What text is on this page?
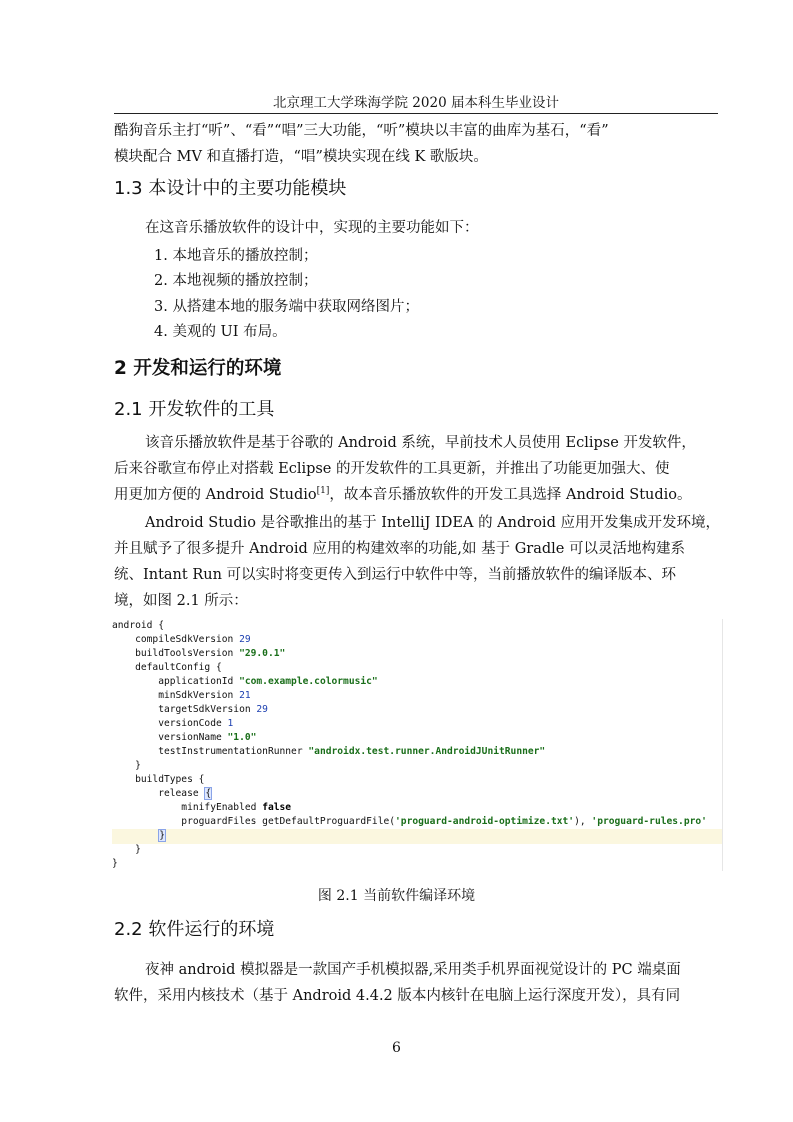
北京理工大学珠海学院 2020 届本科生毕业设计
酷狗音乐主打“听”、“看”“唱”三大功能，“听”模块以丰富的曲库为基石，“看”
模块配合 MV 和直播打造，“唱”模块实现在线 K 歌版块。
1.3 本设计中的主要功能模块
在这音乐播放软件的设计中，实现的主要功能如下：
1. 本地音乐的播放控制；
2. 本地视频的播放控制；
3. 从搭建本地的服务端中获取网络图片；
4. 美观的 UI 布局。
2 开发和运行的环境
2.1 开发软件的工具
该音乐播放软件是基于谷歌的 Android 系统，早前技术人员使用 Eclipse 开发软件，
后来谷歌宣布停止对搭载 Eclipse 的开发软件的工具更新，并推出了功能更加强大、使
用更加方便的 Android Studio[1]，故本音乐播放软件的开发工具选择 Android Studio。
Android Studio 是谷歌推出的基于 IntelliJ IDEA 的 Android 应用开发集成开发环境，
并且赋予了很多提升 Android 应用的构建效率的功能,如 基于 Gradle 可以灵活地构建系
统、Intant Run 可以实时将变更传入到运行中软件中等，当前播放软件的编译版本、环
境，如图 2.1 所示：
android {
compileSdkVersion 29
buildToolsVersion "29.0.1"
defaultConfig {
applicationId "com.example.colormusic"
minSdkVersion 21
targetSdkVersion 29
versionCode 1
versionName "1.0"
testInstrumentationRunner "androidx.test.runner.AndroidJUnitRunner"
}
buildTypes {
release {
minifyEnabled false
proguardFiles getDefaultProguardFile('proguard-android-optimize.txt'), 'proguard-rules.pro'
}
}
}
图 2.1 当前软件编译环境
2.2 软件运行的环境
夜神 android 模拟器是一款国产手机模拟器,采用类手机界面视觉设计的 PC 端桌面
软件，采用内核技术（基于 Android 4.4.2 版本内核针在电脑上运行深度开发），具有同
6
